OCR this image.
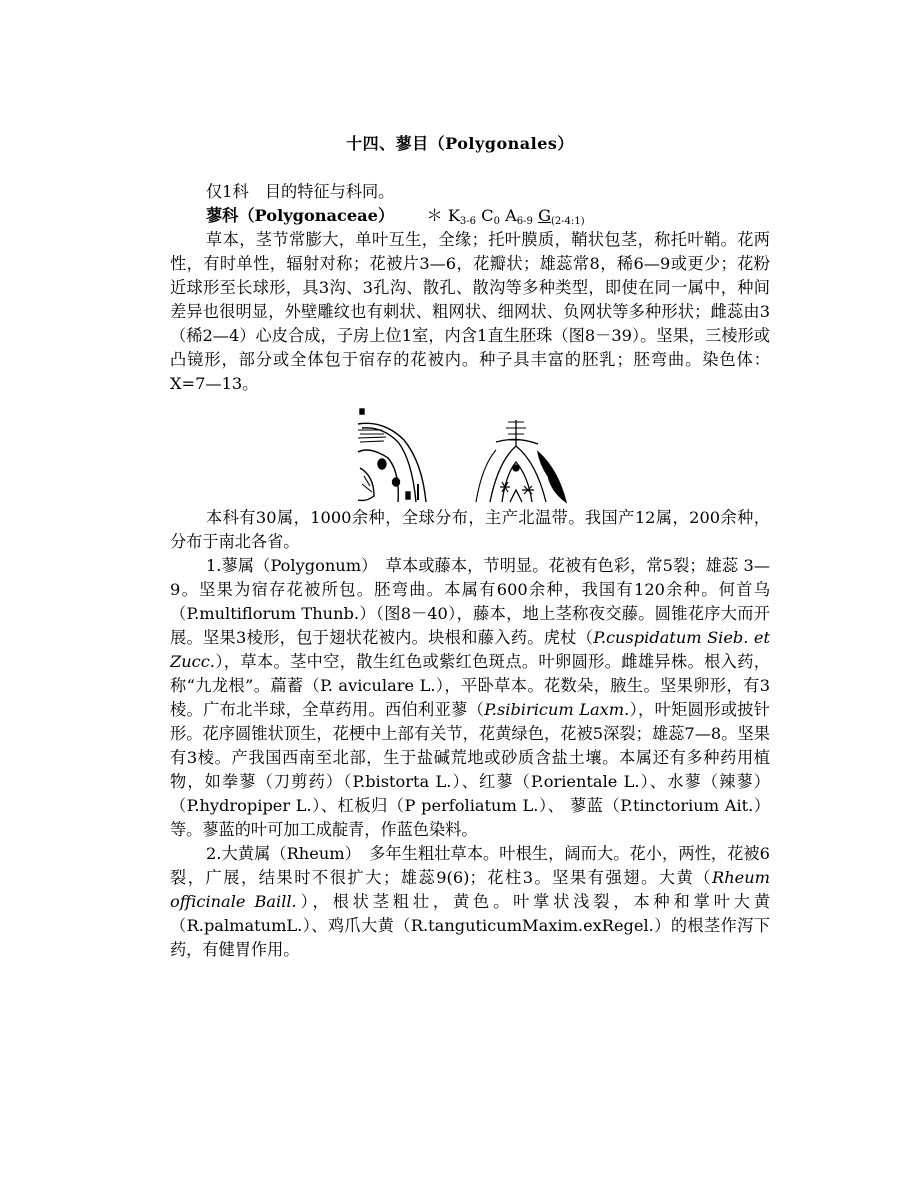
十四、蓼目（Polygonales）
仅1科　目的特征与科同。
蓼科（Polygonaceae） ＊ $K_{3-6}$ $C_0$ $A_{6-9}$ $G_{(2-4:1)}$
草本，茎节常膨大，单叶互生，全缘；托叶膜质，鞘状包茎，称托叶鞘。花两性，有时单性，辐射对称；花被片3—6，花瓣状；雄蕊常8，稀6—9或更少；花粉近球形至长球形，具3沟、3孔沟、散孔、散沟等多种类型，即使在同一属中，种间差异也很明显，外壁雕纹也有刺状、粗网状、细网状、负网状等多种形状；雌蕊由3（稀2—4）心皮合成，子房上位1室，内含1直生胚珠（图8－39）。坚果，三棱形或凸镜形，部分或全体包于宿存的花被内。种子具丰富的胚乳；胚弯曲。染色体：X=7—13。
本科有30属，1000余种，全球分布，主产北温带。我国产12属，200余种，分布于南北各省。
1.蓼属（Polygonum）　草本或藤本，节明显。花被有色彩，常5裂；雄蕊 3—9。坚果为宿存花被所包。胚弯曲。本属有600余种，我国有120余种。何首乌（P.multiflorum Thunb.）（图8－40），藤本，地上茎称夜交藤。圆锥花序大而开展。坚果3棱形，包于翅状花被内。块根和藤入药。虎杖（P.cuspidatum Sieb. et Zucc.），草本。茎中空，散生红色或紫红色斑点。叶卵圆形。雌雄异株。根入药，称“九龙根”。萹蓄（P. aviculare L.），平卧草本。花数朵，腋生。坚果卵形，有3棱。广布北半球，全草药用。西伯利亚蓼（P.sibiricum Laxm.），叶矩圆形或披针形。花序圆锥状顶生，花梗中上部有关节，花黄绿色，花被5深裂；雄蕊7—8。坚果有3棱。产我国西南至北部，生于盐碱荒地或砂质含盐土壤。本属还有多种药用植物，如拳蓼（刀剪药）（P.bistorta L.）、红蓼（P.orientale L.）、水蓼（辣蓼）（P.hydropiper L.）、杠板归（P perfoliatum L.）、 蓼蓝（P.tinctorium Ait.）等。蓼蓝的叶可加工成靛青，作蓝色染料。
2.大黄属（Rheum）　多年生粗壮草本。叶根生，阔而大。花小，两性，花被6裂，广展，结果时不很扩大；雄蕊9(6)；花柱3。坚果有强翅。大黄（Rheum officinale Baill.），根状茎粗壮，黄色。叶掌状浅裂，本种和掌叶大黄（R.palmatumL.）、鸡爪大黄（R.tanguticumMaxim.exRegel.）的根茎作泻下药，有健胃作用。
